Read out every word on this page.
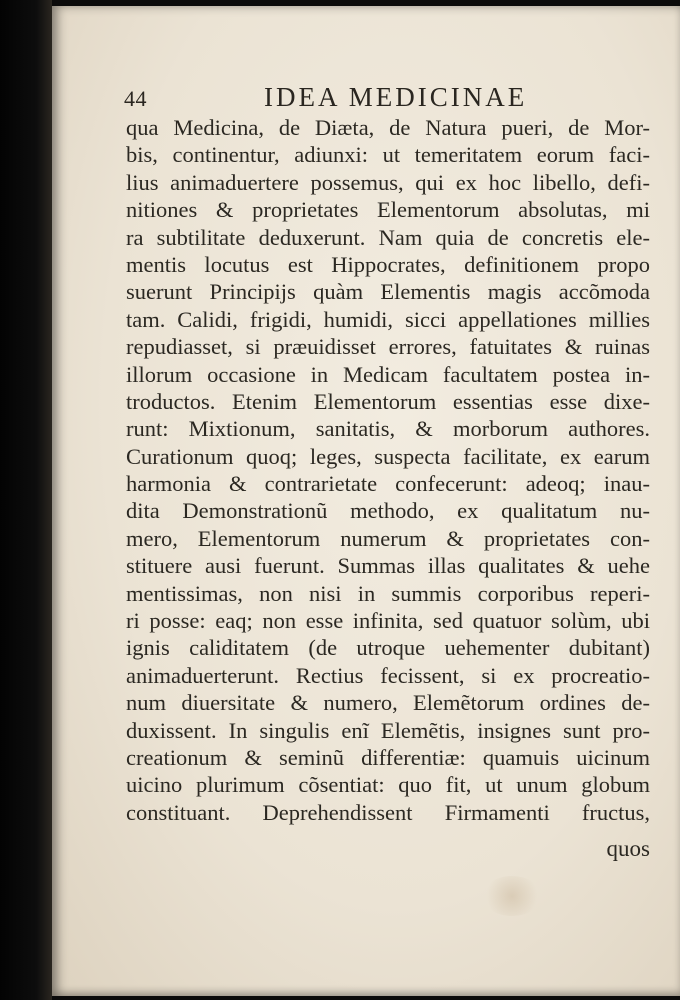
44	IDEA MEDICINAE
qua Medicina, de Diæta, de Natura pueri, de Mor-
bis, continentur, adiunxi: ut temeritatem eorum faci-
lius animaduertere possemus, qui ex hoc libello, defi-
nitiones & proprietates Elementorum absolutas, mi
ra subtilitate deduxerunt. Nam quia de concretis ele-
mentis locutus est Hippocrates, definitionem propo
suerunt Principijs quàm Elementis magis accõmoda
tam. Calidi, frigidi, humidi, sicci appellationes millies
repudiasset, si præuidisset errores, fatuitates & ruinas
illorum occasione in Medicam facultatem postea in-
troductos. Etenim Elementorum essentias esse dixe-
runt: Mixtionum, sanitatis, & morborum authores.
Curationum quoq; leges, suspecta facilitate, ex earum
harmonia & contrarietate confecerunt: adeoq; inau-
dita Demonstrationũ methodo, ex qualitatum nu-
mero, Elementorum numerum & proprietates con-
stituere ausi fuerunt. Summas illas qualitates & uehe
mentissimas, non nisi in summis corporibus reperi-
ri posse: eaq; non esse infinita, sed quatuor solùm, ubi
ignis caliditatem (de utroque uehementer dubitant)
animaduerterunt. Rectius fecissent, si ex procreatio-
num diuersitate & numero, Elemẽtorum ordines de-
duxissent. In singulis enĩ Elemẽtis, insignes sunt pro-
creationum & seminũ differentiæ: quamuis uicinum
uicino plurimum cõsentiat: quo fit, ut unum globum
constituant. Deprehendissent Firmamenti fructus,
quos
